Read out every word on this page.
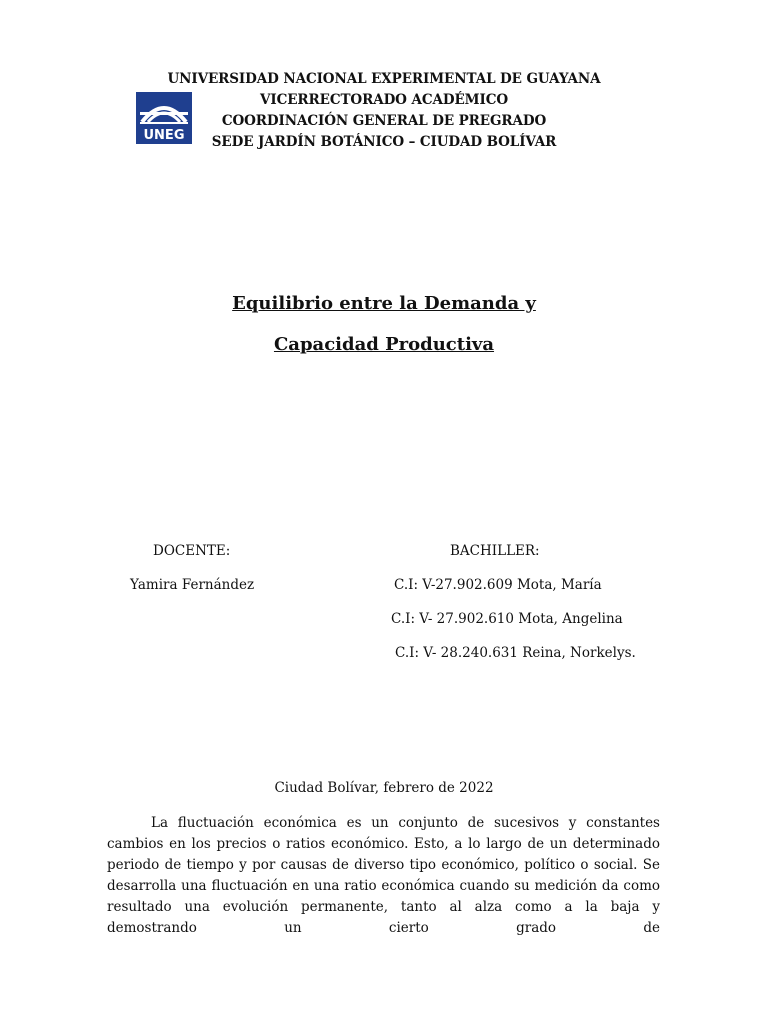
UNEG
UNIVERSIDAD NACIONAL EXPERIMENTAL DE GUAYANA
VICERRECTORADO ACADÉMICO
COORDINACIÓN GENERAL DE PREGRADO
SEDE JARDÍN BOTÁNICO – CIUDAD BOLÍVAR
Equilibrio entre la Demanda y
Capacidad Productiva
DOCENTE:
Yamira Fernández
BACHILLER:
C.I: V-27.902.609 Mota, María
C.I: V- 27.902.610 Mota, Angelina
C.I: V- 28.240.631 Reina, Norkelys.
Ciudad Bolívar, febrero de 2022
La fluctuación económica es un conjunto de sucesivos y constantes cambios en los precios o ratios económico. Esto, a lo largo de un determinado periodo de tiempo y por causas de diverso tipo económico, político o social. Se desarrolla una fluctuación en una ratio económica cuando su medición da como resultado una evolución permanente, tanto al alza como a la baja y demostrando un cierto grado de
